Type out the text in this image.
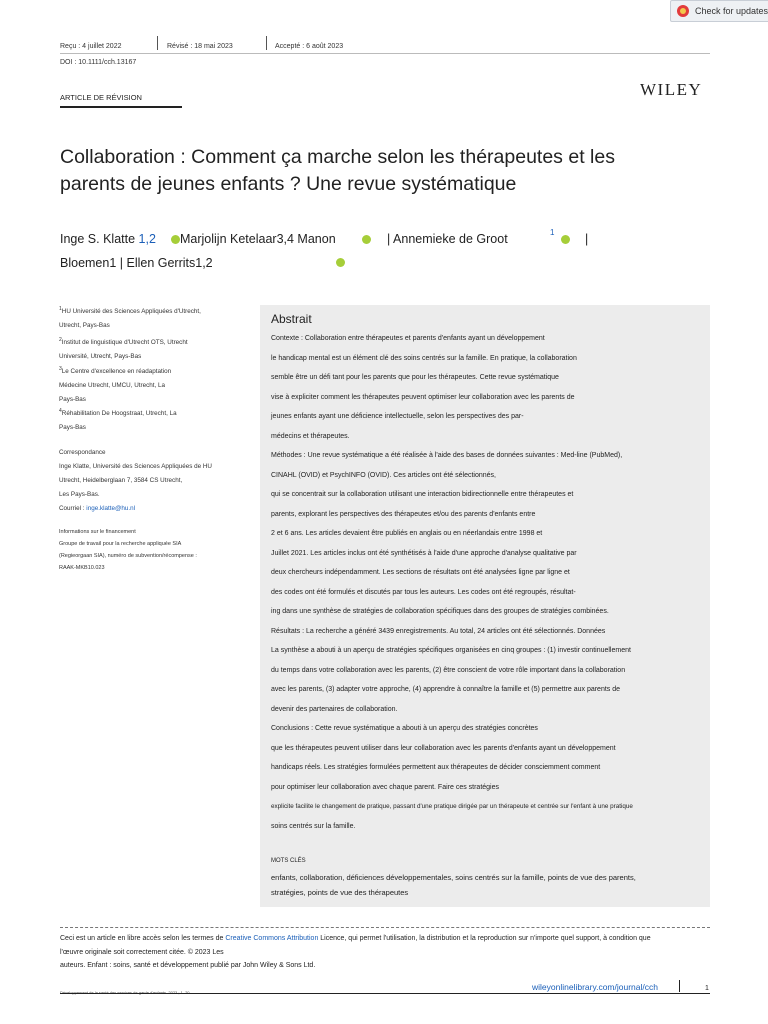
Check for updates
Reçu : 4 juillet 2022	Révisé : 18 mai 2023	Accepté : 6 août 2023
DOI : 10.1111/cch.13167
ARTICLE DE RÉVISION	WILEY
Collaboration : Comment ça marche selon les thérapeutes et les
parents de jeunes enfants ? Une revue systématique
Inge S. Klatte 1,2 Marjolijn Ketelaar3,4 Manon	| Annemieke de Groot	1 |
Bloemen1 | Ellen Gerrits1,2
$^1$HU Université des Sciences Appliquées d'Utrecht,
Utrecht, Pays-Bas
$^2$Institut de linguistique d'Utrecht OTS, Utrecht
Université, Utrecht, Pays-Bas
$^3$Le Centre d'excellence en réadaptation
Médecine Utrecht, UMCU, Utrecht, La
Pays-Bas
$^4$Réhabilitation De Hoogstraat, Utrecht, La
Pays-Bas
Correspondance
Inge Klatte, Université des Sciences Appliquées de HU
Utrecht, Heidelberglaan 7, 3584 CS Utrecht,
Les Pays-Bas.
Courriel : inge.klatte@hu.nl
Informations sur le financement
Groupe de travail pour la recherche appliquée SIA
(Regieorgaan SIA), numéro de subvention/récompense :
RAAK-MKB10.023
Abstrait
Contexte : Collaboration entre thérapeutes et parents d'enfants ayant un développement
le handicap mental est un élément clé des soins centrés sur la famille. En pratique, la collaboration
semble être un défi tant pour les parents que pour les thérapeutes. Cette revue systématique
vise à expliciter comment les thérapeutes peuvent optimiser leur collaboration avec les parents de
jeunes enfants ayant une déficience intellectuelle, selon les perspectives des par-
médecins et thérapeutes.
Méthodes : Une revue systématique a été réalisée à l'aide des bases de données suivantes : Med-line (PubMed),
CINAHL (OVID) et PsychINFO (OVID). Ces articles ont été sélectionnés,
qui se concentrait sur la collaboration utilisant une interaction bidirectionnelle entre thérapeutes et
parents, explorant les perspectives des thérapeutes et/ou des parents d'enfants entre
2 et 6 ans. Les articles devaient être publiés en anglais ou en néerlandais entre 1998 et
Juillet 2021. Les articles inclus ont été synthétisés à l'aide d'une approche d'analyse qualitative par
deux chercheurs indépendamment. Les sections de résultats ont été analysées ligne par ligne et
des codes ont été formulés et discutés par tous les auteurs. Les codes ont été regroupés, résultat-
ing dans une synthèse de stratégies de collaboration spécifiques dans des groupes de stratégies combinées.
Résultats : La recherche a généré 3439 enregistrements. Au total, 24 articles ont été sélectionnés. Données
La synthèse a abouti à un aperçu de stratégies spécifiques organisées en cinq groupes : (1) investir continuellement
du temps dans votre collaboration avec les parents, (2) être conscient de votre rôle important dans la collaboration
avec les parents, (3) adapter votre approche, (4) apprendre à connaître la famille et (5) permettre aux parents de
devenir des partenaires de collaboration.
Conclusions : Cette revue systématique a abouti à un aperçu des stratégies concrètes
que les thérapeutes peuvent utiliser dans leur collaboration avec les parents d'enfants ayant un développement
handicaps réels. Les stratégies formulées permettent aux thérapeutes de décider consciemment comment
pour optimiser leur collaboration avec chaque parent. Faire ces stratégies
explicite facilite le changement de pratique, passant d'une pratique dirigée par un thérapeute et centrée sur l'enfant à une pratique
soins centrés sur la famille.
MOTS CLÉS
enfants, collaboration, déficiences développementales, soins centrés sur la famille, points de vue des parents,
stratégies, points de vue des thérapeutes
Ceci est un article en libre accès selon les termes de Creative Commons Attribution Licence, qui permet l'utilisation, la distribution et la reproduction sur n'importe quel support, à condition que
l'œuvre originale soit correctement citée. © 2023 Les
auteurs. Enfant : soins, santé et développement publié par John Wiley & Sons Ltd.
wileyonlinelibrary.com/journal/cch	1
